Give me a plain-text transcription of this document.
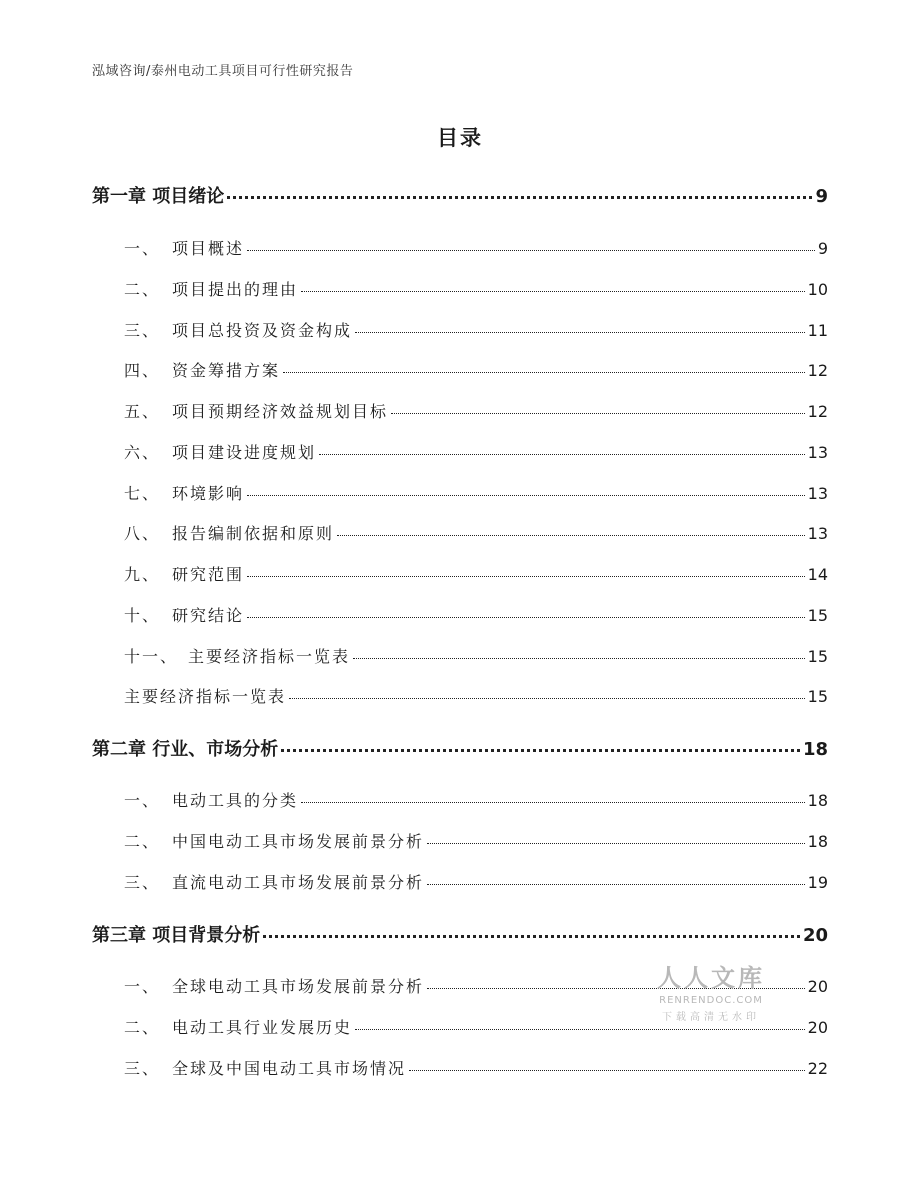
泓域咨询/泰州电动工具项目可行性研究报告
目录
第一章 项目绪论	9
一、 项目概述	9
二、 项目提出的理由	10
三、 项目总投资及资金构成	11
四、 资金筹措方案	12
五、 项目预期经济效益规划目标	12
六、 项目建设进度规划	13
七、 环境影响	13
八、 报告编制依据和原则	13
九、 研究范围	14
十、 研究结论	15
十一、 主要经济指标一览表	15
主要经济指标一览表	15
第二章 行业、市场分析	18
一、 电动工具的分类	18
二、 中国电动工具市场发展前景分析	18
三、 直流电动工具市场发展前景分析	19
第三章 项目背景分析	20
一、 全球电动工具市场发展前景分析	20
二、 电动工具行业发展历史	20
三、 全球及中国电动工具市场情况	22
人人文库
RENRENDOC.COM
下载高清无水印
